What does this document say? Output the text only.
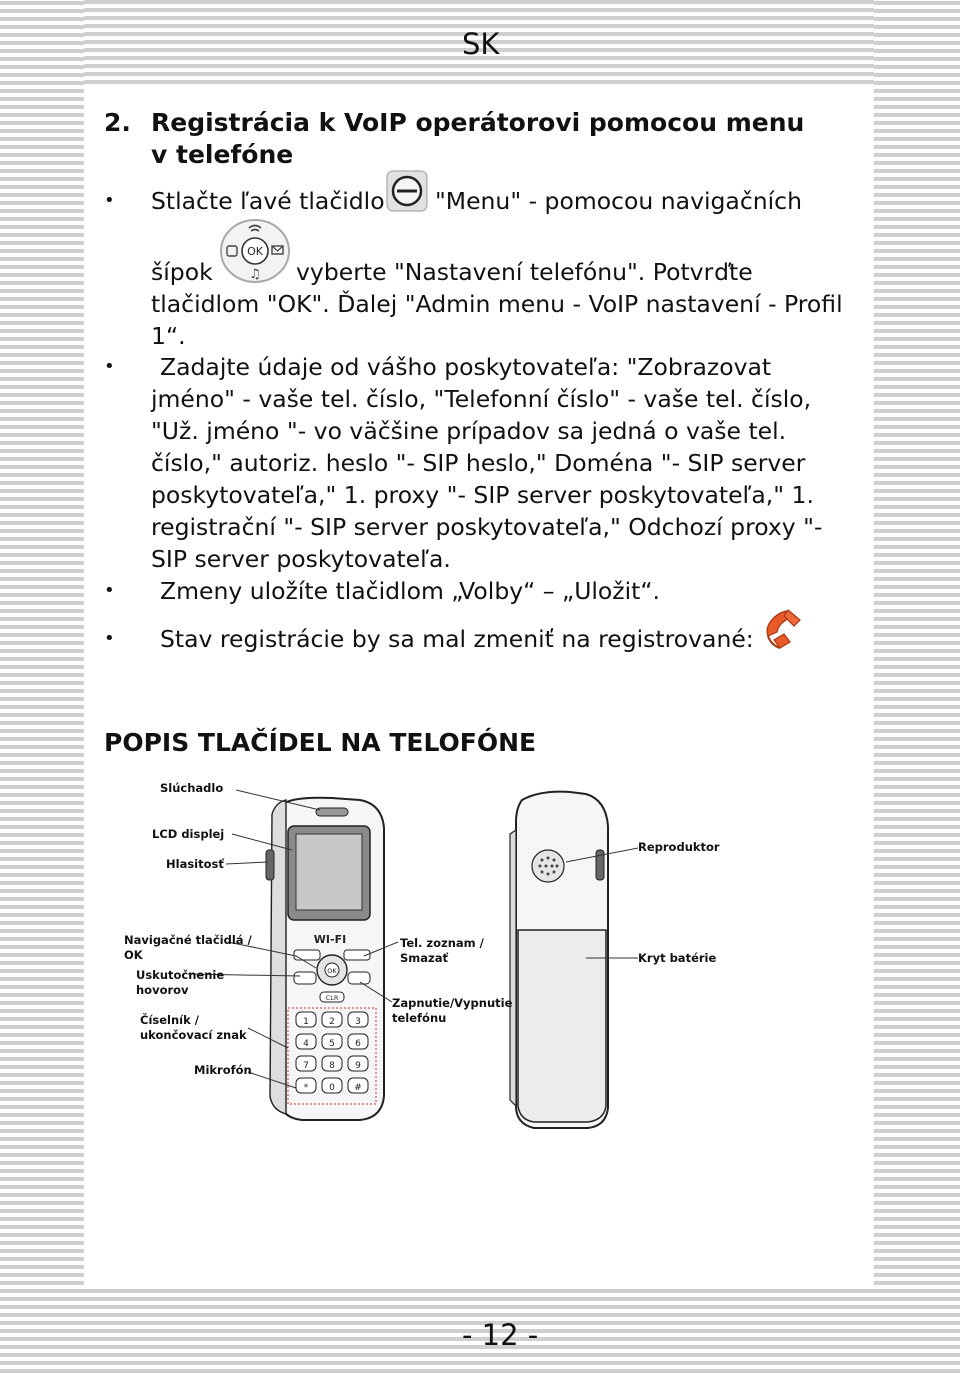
SK
2. Registrácia k VoIP operátorovi pomocou menu
v telefóne
• Stlačte ľavé tlačidlo "Menu" - pomocou navigačních
OK
♫
šípok	vyberte "Nastavení telefónu". Potvrďte
tlačidlom "OK". Ďalej "Admin menu - VoIP nastavení - Profil
1“.
• Zadajte údaje od vášho poskytovateľa: "Zobrazovat
jméno" - vaše tel. číslo, "Telefonní číslo" - vaše tel. číslo,
"Už. jméno "- vo väčšine prípadov sa jedná o vaše tel.
číslo," autoriz. heslo "- SIP heslo," Doména "- SIP server
poskytovateľa," 1. proxy "- SIP server poskytovateľa," 1.
registrační "- SIP server poskytovateľa," Odchozí proxy "-
SIP server poskytovateľa.
• Zmeny uložíte tlačidlom „Volby“ – „Uložit“.
• Stav registrácie by sa mal zmeniť na registrované:
POPIS TLAČÍDEL NA TELOFÓNE
WI-FI
OK
CLR
1 2 3
4 5 6
7 8 9
* 0 #
Slúchadlo
LCD displej
Hlasitosť
Navigačné tlačidlá /
OK
Uskutočnenie
hovorov
Číselník /
ukončovací znak
Mikrofón
Tel. zoznam /
Smazať
Zapnutie/Vypnutie
telefónu
Reproduktor
Kryt batérie
- 12 -
